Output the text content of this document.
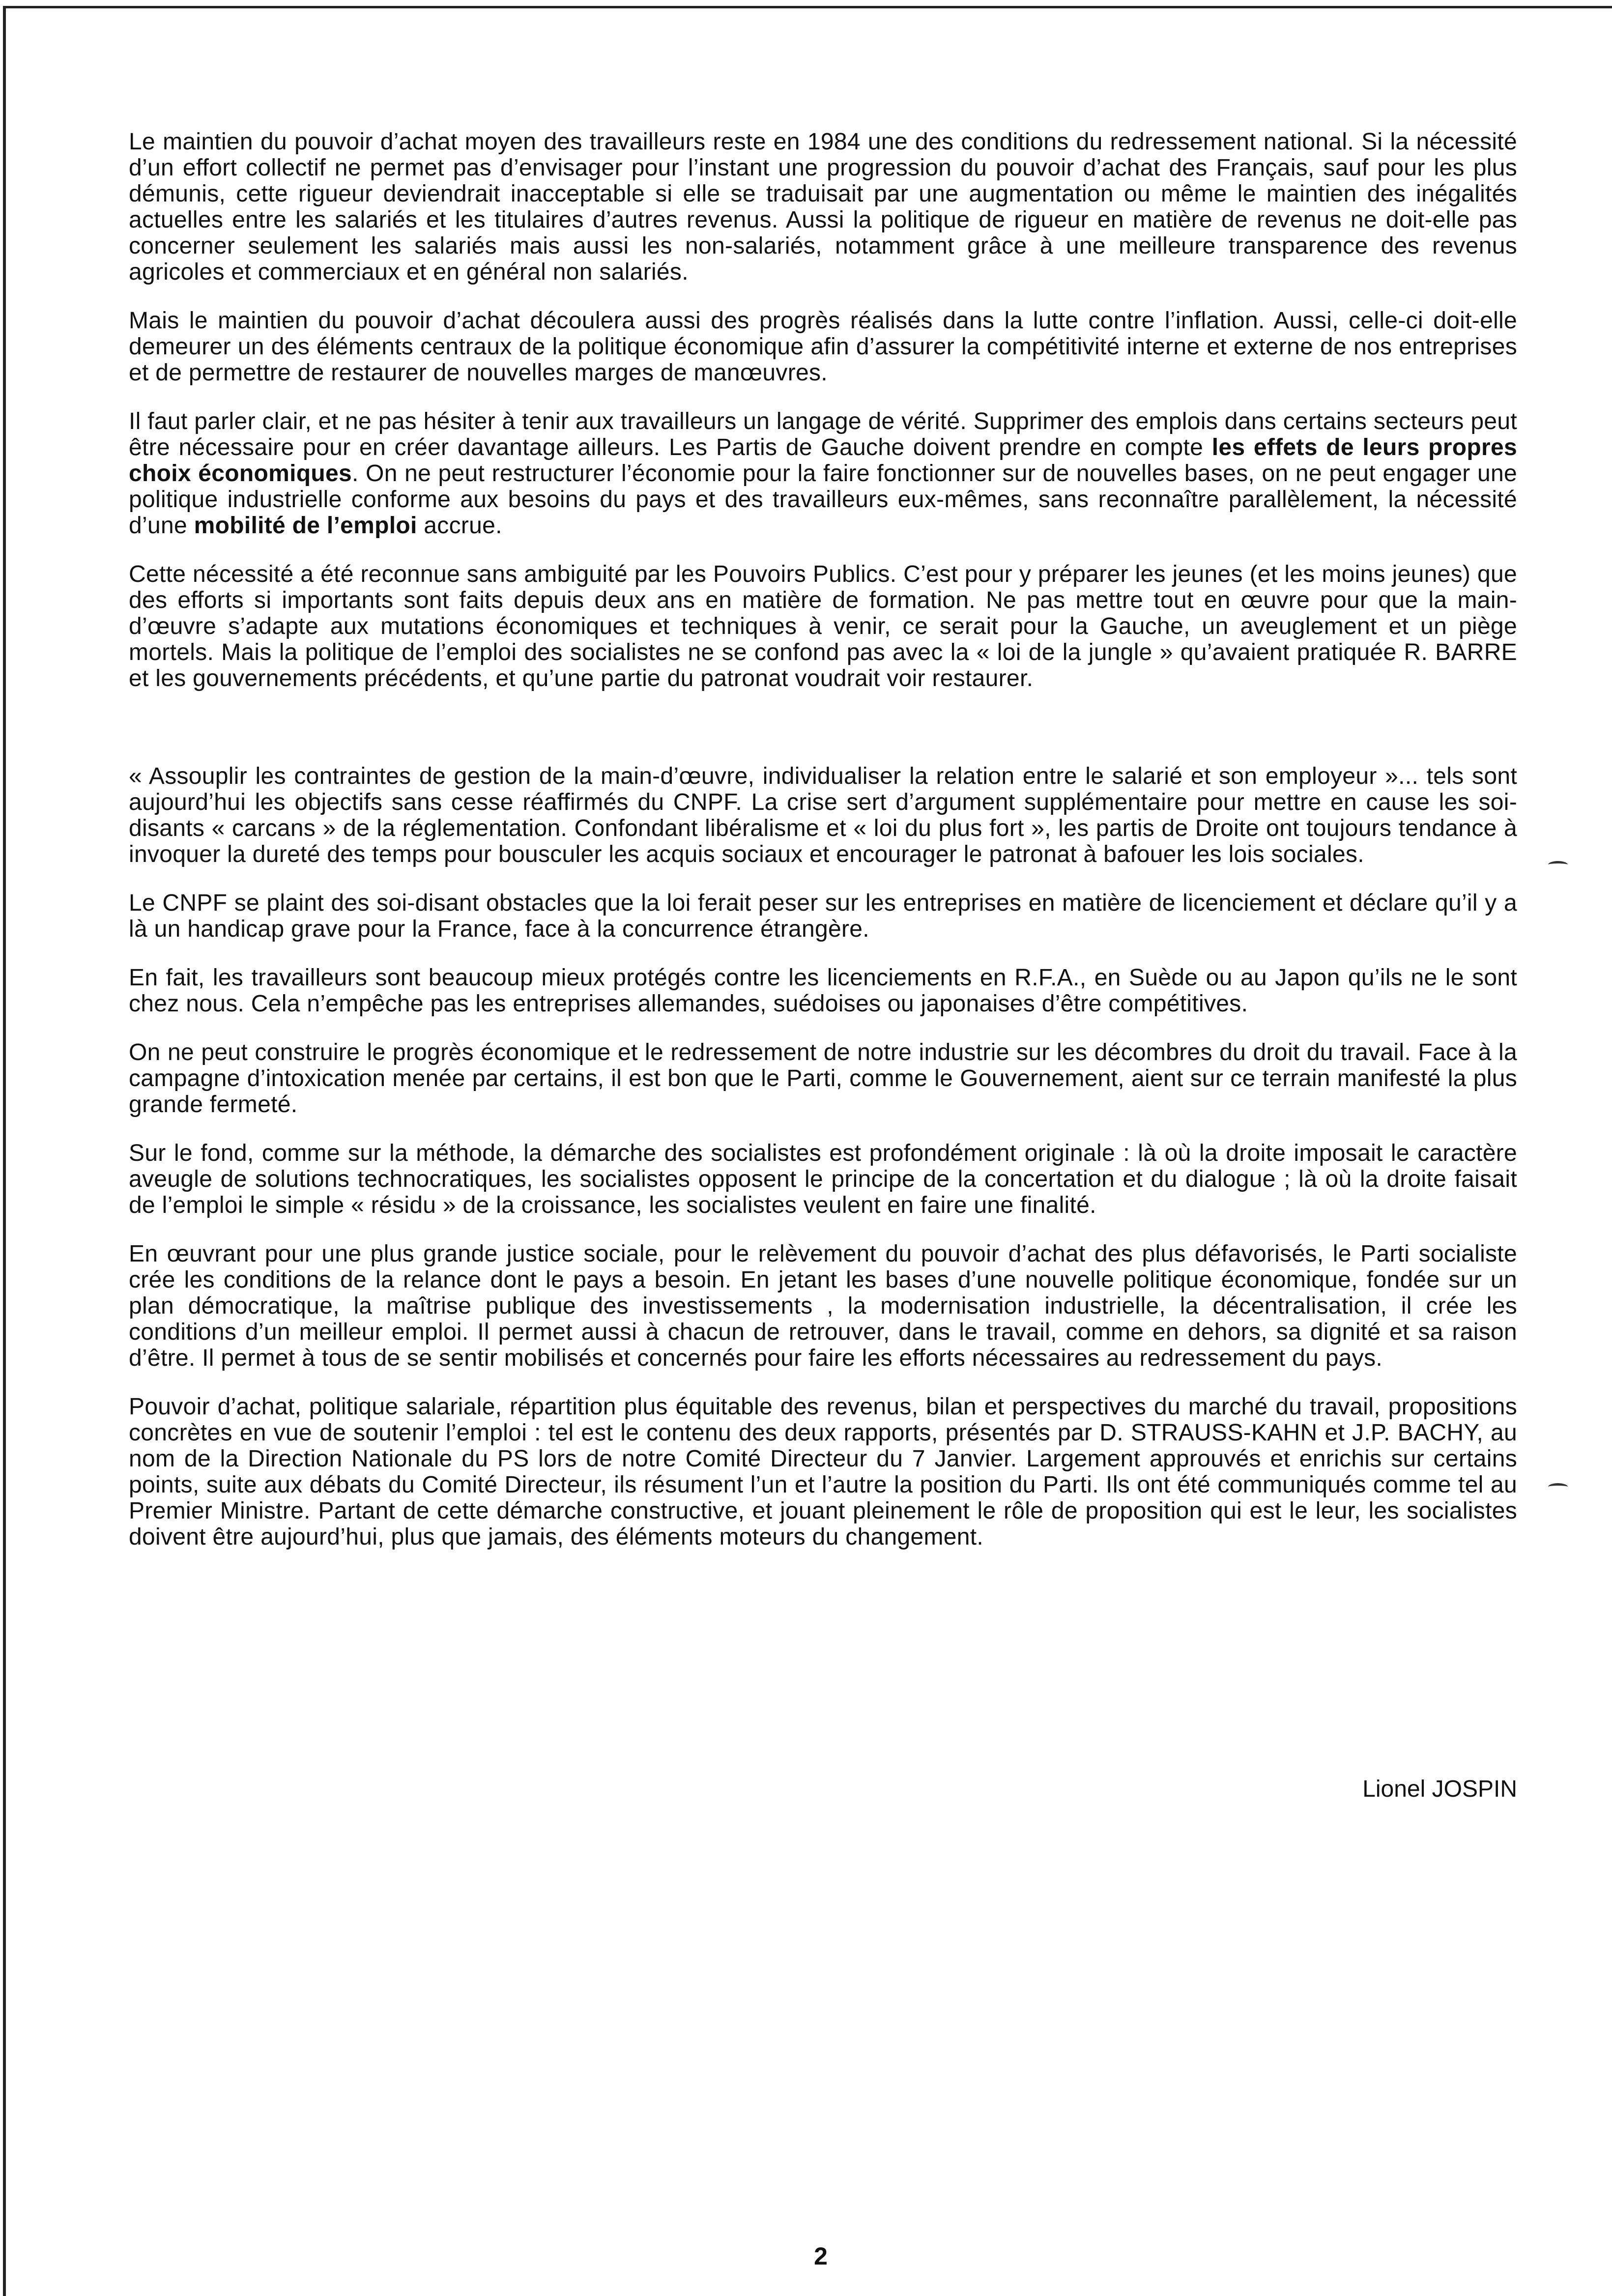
Le maintien du pouvoir d’achat moyen des travailleurs reste en 1984 une des conditions du redressement national. Si la nécessité d’un effort collectif ne permet pas d’envisager pour l’instant une progression du pouvoir d’achat des Français, sauf pour les plus démunis, cette rigueur deviendrait inacceptable si elle se traduisait par une augmentation ou même le maintien des inégalités actuelles entre les salariés et les titulaires d’autres revenus. Aussi la politique de rigueur en matière de revenus ne doit-elle pas concerner seulement les salariés mais aussi les non-salariés, notamment grâce à une meilleure transparence des revenus agricoles et commerciaux et en général non salariés.

Mais le maintien du pouvoir d’achat découlera aussi des progrès réalisés dans la lutte contre l’inflation. Aussi, celle-ci doit-elle demeurer un des éléments centraux de la politique économique afin d’assurer la compétitivité interne et externe de nos entreprises et de permettre de restaurer de nouvelles marges de manœuvres.

Il faut parler clair, et ne pas hésiter à tenir aux travailleurs un langage de vérité. Supprimer des emplois dans certains secteurs peut être nécessaire pour en créer davantage ailleurs. Les Partis de Gauche doivent prendre en compte les effets de leurs propres choix économiques. On ne peut restructurer l’économie pour la faire fonctionner sur de nouvelles bases, on ne peut engager une politique industrielle conforme aux besoins du pays et des travailleurs eux-mêmes, sans reconnaître parallèlement, la nécessité d’une mobilité de l’emploi accrue.

Cette nécessité a été reconnue sans ambiguité par les Pouvoirs Publics. C’est pour y préparer les jeunes (et les moins jeunes) que des efforts si importants sont faits depuis deux ans en matière de formation. Ne pas mettre tout en œuvre pour que la main-d’œuvre s’adapte aux mutations économiques et techniques à venir, ce serait pour la Gauche, un aveuglement et un piège mortels. Mais la politique de l’emploi des socialistes ne se confond pas avec la « loi de la jungle » qu’avaient pratiquée R. BARRE et les gouvernements précédents, et qu’une partie du patronat voudrait voir restaurer.

« Assouplir les contraintes de gestion de la main-d’œuvre, individualiser la relation entre le salarié et son employeur »... tels sont aujourd’hui les objectifs sans cesse réaffirmés du CNPF. La crise sert d’argument supplémentaire pour mettre en cause les soi-disants « carcans » de la réglementation. Confondant libéralisme et « loi du plus fort », les partis de Droite ont toujours tendance à invoquer la dureté des temps pour bousculer les acquis sociaux et encourager le patronat à bafouer les lois sociales.

Le CNPF se plaint des soi-disant obstacles que la loi ferait peser sur les entreprises en matière de licenciement et déclare qu’il y a là un handicap grave pour la France, face à la concurrence étrangère.

En fait, les travailleurs sont beaucoup mieux protégés contre les licenciements en R.F.A., en Suède ou au Japon qu’ils ne le sont chez nous. Cela n’empêche pas les entreprises allemandes, suédoises ou japonaises d’être compétitives.

On ne peut construire le progrès économique et le redressement de notre industrie sur les décombres du droit du travail. Face à la campagne d’intoxication menée par certains, il est bon que le Parti, comme le Gouvernement, aient sur ce terrain manifesté la plus grande fermeté.

Sur le fond, comme sur la méthode, la démarche des socialistes est profondément originale : là où la droite imposait le caractère aveugle de solutions technocratiques, les socialistes opposent le principe de la concertation et du dialogue ; là où la droite faisait de l’emploi le simple « résidu » de la croissance, les socialistes veulent en faire une finalité.

En œuvrant pour une plus grande justice sociale, pour le relèvement du pouvoir d’achat des plus défavorisés, le Parti socialiste crée les conditions de la relance dont le pays a besoin. En jetant les bases d’une nouvelle politique économique, fondée sur un plan démocratique, la maîtrise publique des investissements , la modernisation industrielle, la décentralisation, il crée les conditions d’un meilleur emploi. Il permet aussi à chacun de retrouver, dans le travail, comme en dehors, sa dignité et sa raison d’être. Il permet à tous de se sentir mobilisés et concernés pour faire les efforts nécessaires au redressement du pays.

Pouvoir d’achat, politique salariale, répartition plus équitable des revenus, bilan et perspectives du marché du travail, propositions concrètes en vue de soutenir l’emploi : tel est le contenu des deux rapports, présentés par D. STRAUSS-KAHN et J.P. BACHY, au nom de la Direction Nationale du PS lors de notre Comité Directeur du 7 Janvier. Largement approuvés et enrichis sur certains points, suite aux débats du Comité Directeur, ils résument l’un et l’autre la position du Parti. Ils ont été communiqués comme tel au Premier Ministre. Partant de cette démarche constructive, et jouant pleinement le rôle de proposition qui est le leur, les socialistes doivent être aujourd’hui, plus que jamais, des éléments moteurs du changement.

Lionel JOSPIN
2
